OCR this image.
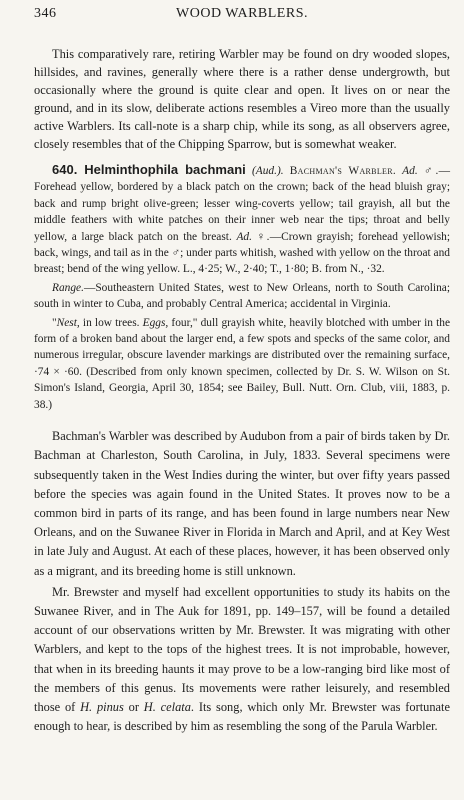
346	WOOD WARBLERS.

This comparatively rare, retiring Warbler may be found on dry wooded slopes, hillsides, and ravines, generally where there is a rather dense undergrowth, but occasionally where the ground is quite clear and open. It lives on or near the ground, and in its slow, deliberate actions resembles a Vireo more than the usually active Warblers. Its call-note is a sharp chip, while its song, as all observers agree, closely resembles that of the Chipping Sparrow, but is somewhat weaker.

640. Helminthophila bachmani (Aud.). Bachman's Warbler. Ad. ♂.—Forehead yellow, bordered by a black patch on the crown; back of the head bluish gray; back and rump bright olive-green; lesser wing-coverts yellow; tail grayish, all but the middle feathers with white patches on their inner web near the tips; throat and belly yellow, a large black patch on the breast. Ad. ♀.—Crown grayish; forehead yellowish; back, wings, and tail as in the ♂; under parts whitish, washed with yellow on the throat and breast; bend of the wing yellow. L., 4·25; W., 2·40; T., 1·80; B. from N., ·32.

Range.—Southeastern United States, west to New Orleans, north to South Carolina; south in winter to Cuba, and probably Central America; accidental in Virginia.

"Nest, in low trees. Eggs, four," dull grayish white, heavily blotched with umber in the form of a broken band about the larger end, a few spots and specks of the same color, and numerous irregular, obscure lavender markings are distributed over the remaining surface, ·74 × ·60. (Described from only known specimen, collected by Dr. S. W. Wilson on St. Simon's Island, Georgia, April 30, 1854; see Bailey, Bull. Nutt. Orn. Club, viii, 1883, p. 38.)

Bachman's Warbler was described by Audubon from a pair of birds taken by Dr. Bachman at Charleston, South Carolina, in July, 1833. Several specimens were subsequently taken in the West Indies during the winter, but over fifty years passed before the species was again found in the United States. It proves now to be a common bird in parts of its range, and has been found in large numbers near New Orleans, and on the Suwanee River in Florida in March and April, and at Key West in late July and August. At each of these places, however, it has been observed only as a migrant, and its breeding home is still unknown.

Mr. Brewster and myself had excellent opportunities to study its habits on the Suwanee River, and in The Auk for 1891, pp. 149–157, will be found a detailed account of our observations written by Mr. Brewster. It was migrating with other Warblers, and kept to the tops of the highest trees. It is not improbable, however, that when in its breeding haunts it may prove to be a low-ranging bird like most of the members of this genus. Its movements were rather leisurely, and resembled those of H. pinus or H. celata. Its song, which only Mr. Brewster was fortunate enough to hear, is described by him as resembling the song of the Parula Warbler.
